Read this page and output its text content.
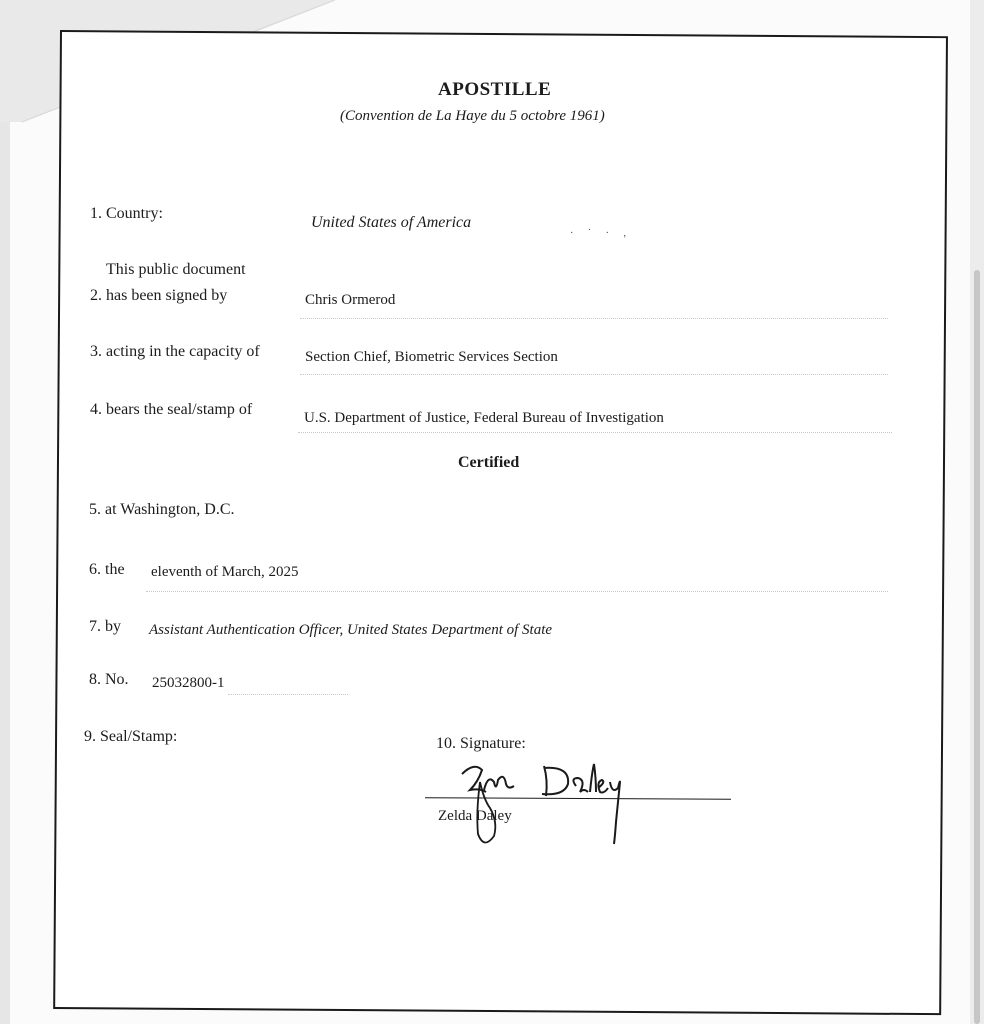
APOSTILLE
(Convention de La Haye du 5 octobre 1961)
1. Country:
United States of America
· ˙ · ,
This public document
2. has been signed by	Chris Ormerod
3. acting in the capacity of	Section Chief, Biometric Services Section
4. bears the seal/stamp of	U.S. Department of Justice, Federal Bureau of Investigation
Certified
5. at Washington, D.C.
6. the eleventh of March, 2025
7. by Assistant Authentication Officer, United States Department of State
8. No. 25032800-1
9. Seal/Stamp:	10. Signature:
Zelda Daley
